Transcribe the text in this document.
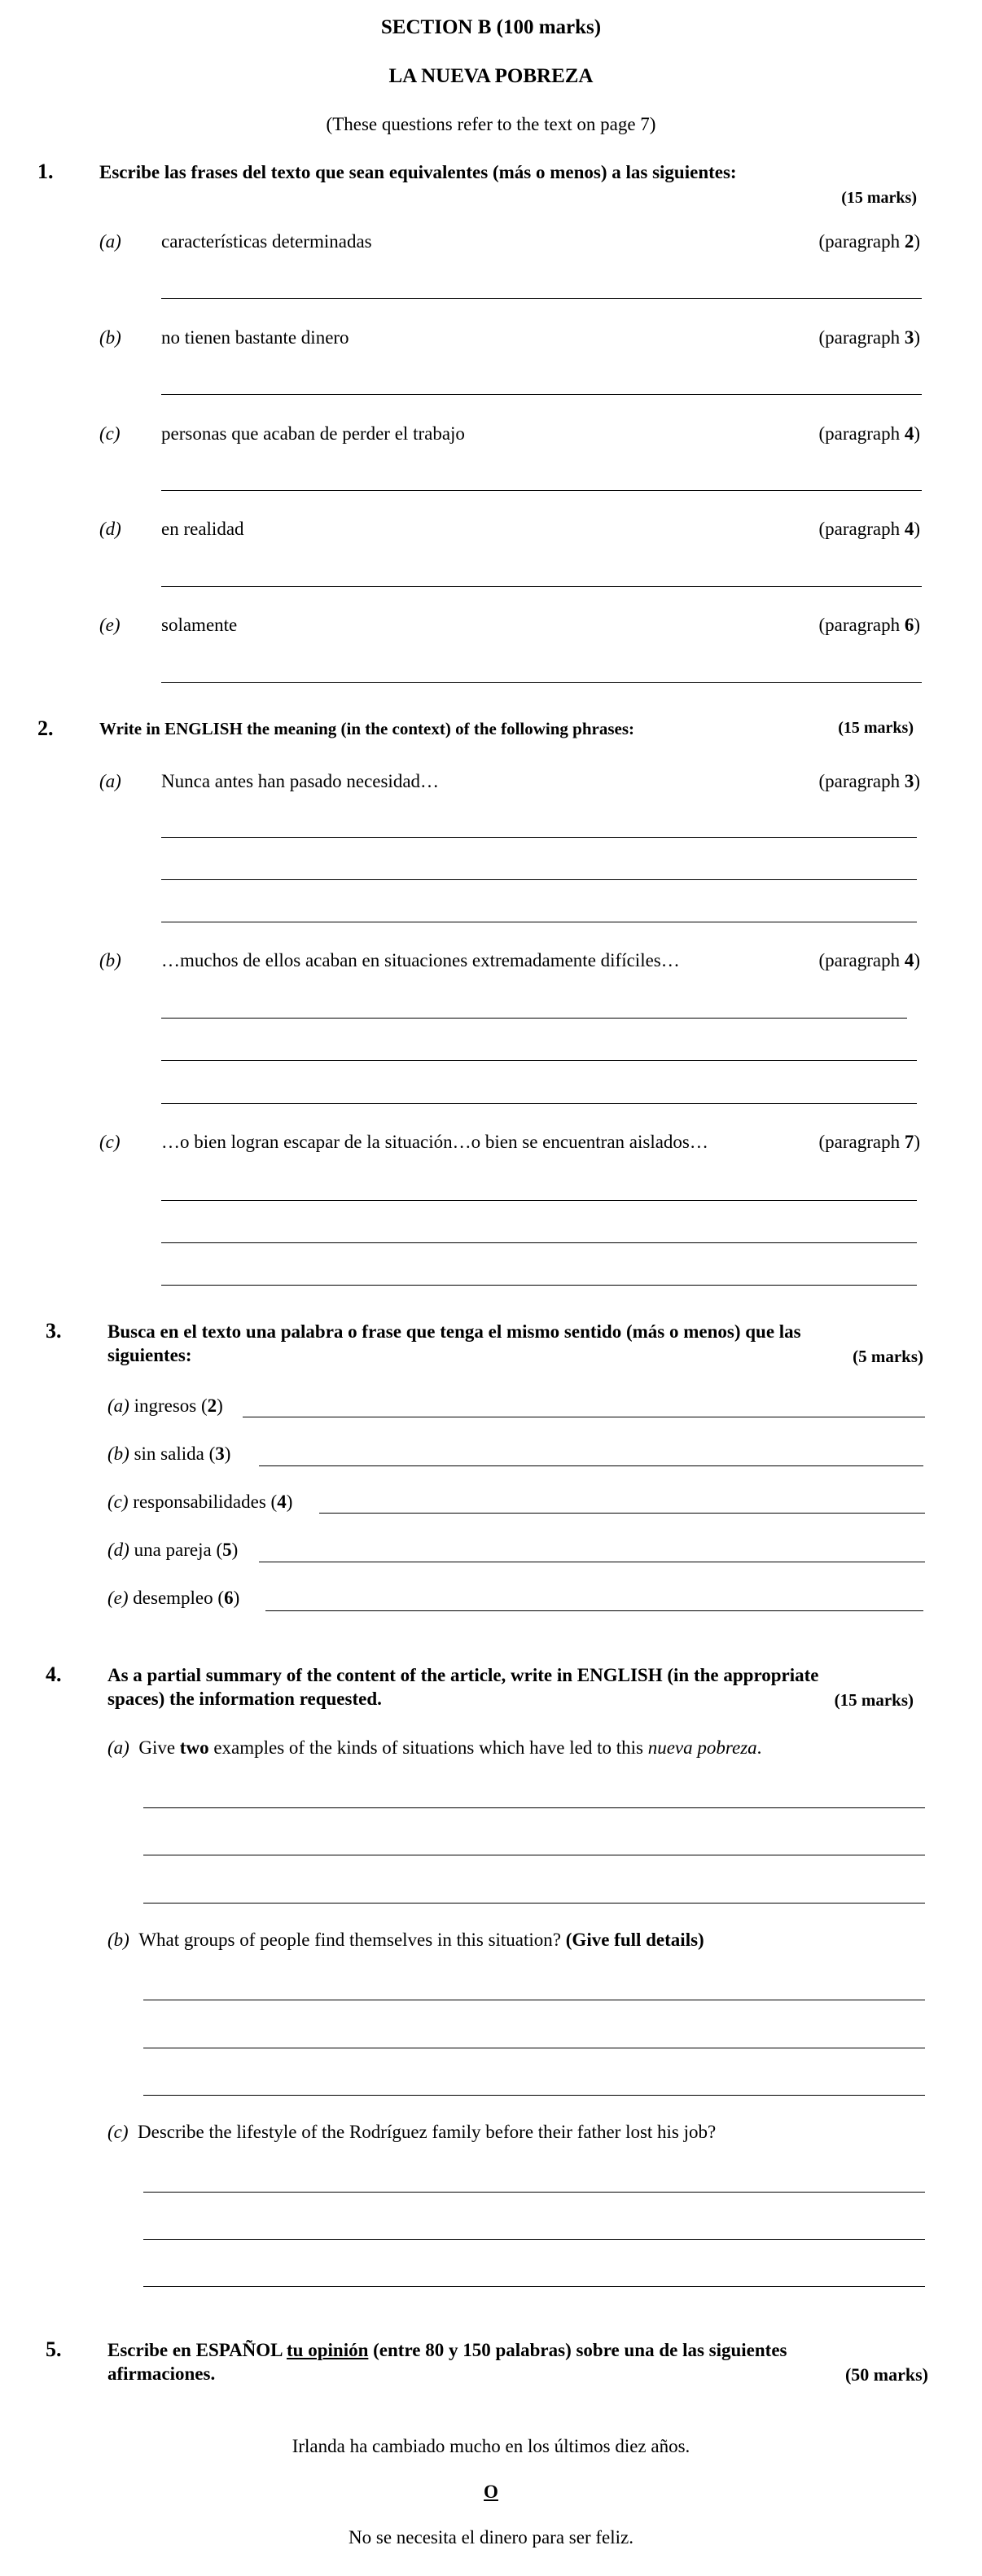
SECTION B (100 marks)
LA NUEVA POBREZA
(These questions refer to the text on page 7)
1. Escribe las frases del texto que sean equivalentes (más o menos) a las siguientes:
(15 marks)
(a) características determinadas	(paragraph 2)
(b) no tienen bastante dinero	(paragraph 3)
(c) personas que acaban de perder el trabajo	(paragraph 4)
(d) en realidad	(paragraph 4)
(e) solamente	(paragraph 6)
2.	Write in ENGLISH the meaning (in the context) of the following phrases:	(15 marks)
(a) Nunca antes han pasado necesidad…	(paragraph 3)
(b) …muchos de ellos acaban en situaciones extremadamente difíciles…	(paragraph 4)
(c) …o bien logran escapar de la situación…o bien se encuentran aislados…	(paragraph 7)
3. Busca en el texto una palabra o frase que tenga el mismo sentido (más o menos) que las
siguientes:	(5 marks)
(a) ingresos (2)
(b) sin salida (3)
(c) responsabilidades (4)
(d) una pareja (5)
(e) desempleo (6)
4. As a partial summary of the content of the article, write in ENGLISH (in the appropriate
spaces) the information requested.	(15 marks)
(a) Give two examples of the kinds of situations which have led to this nueva pobreza.
(b) What groups of people find themselves in this situation? (Give full details)
(c) Describe the lifestyle of the Rodríguez family before their father lost his job?
5. Escribe en ESPAÑOL tu opinión (entre 80 y 150 palabras) sobre una de las siguientes
afirmaciones.	(50 marks)
Irlanda ha cambiado mucho en los últimos diez años.
O
No se necesita el dinero para ser feliz.
